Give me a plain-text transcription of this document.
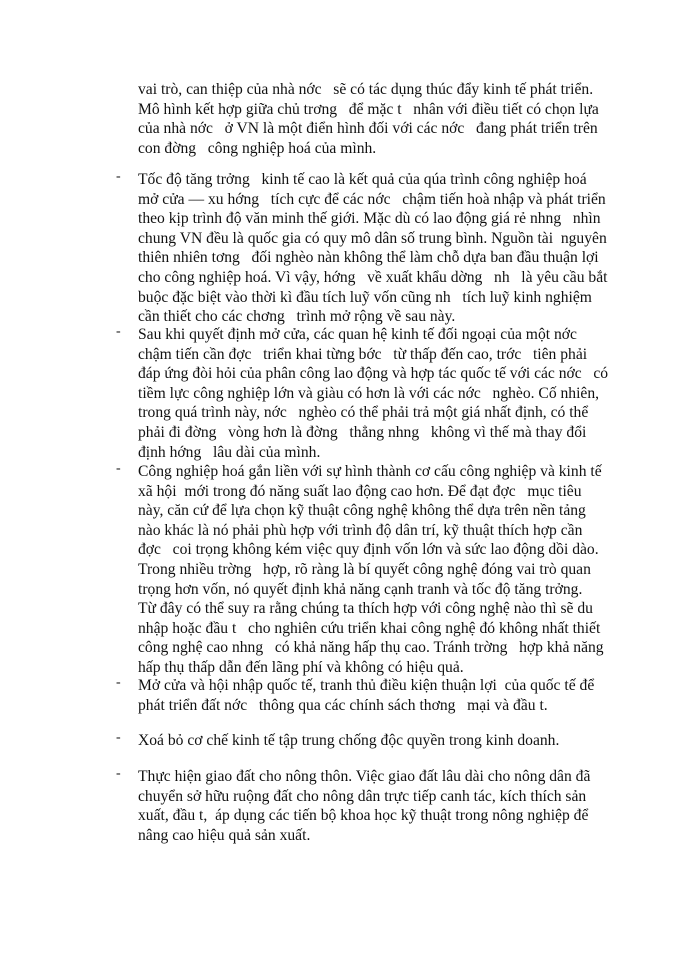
vai trò, can thiệp của nhà nớc   sẽ có tác dụng thúc đẩy kinh tế phát triển.
Mô hình kết hợp giữa chủ trơng   để mặc t   nhân với điều tiết có chọn lựa
của nhà nớc   ở VN là một điển hình đối với các nớc   đang phát triển trên
con đờng   công nghiệp hoá của mình.
- Tốc độ tăng trởng   kinh tế cao là kết quả của qúa trình công nghiệp hoá
mở cửa — xu hớng   tích cực để các nớc   chậm tiến hoà nhập và phát triển
theo kịp trình độ văn minh thế giới. Mặc dù có lao động giá rẻ nhng   nhìn
chung VN đều là quốc gia có quy mô dân số trung bình. Nguồn tài  nguyên
thiên nhiên tơng   đối nghèo nàn không thể làm chỗ dựa ban đầu thuận lợi
cho công nghiệp hoá. Vì vậy, hớng   về xuất khẩu dờng   nh   là yêu cầu bắt
buộc đặc biệt vào thời kì đầu tích luỹ vốn cũng nh   tích luỹ kinh nghiệm
cần thiết cho các chơng   trình mở rộng về sau này.
- Sau khi quyết định mở cửa, các quan hệ kinh tế đối ngoại của một nớc
chậm tiến cần đợc   triển khai từng bớc   từ thấp đến cao, trớc   tiên phải
đáp ứng đòi hỏi của phân công lao động và hợp tác quốc tế với các nớc   có
tiềm lực công nghiệp lớn và giàu có hơn là với các nớc   nghèo. Cố nhiên,
trong quá trình này, nớc   nghèo có thể phải trả một giá nhất định, có thể
phải đi đờng   vòng hơn là đờng   thẳng nhng   không vì thế mà thay đổi
định hớng   lâu dài của mình.
- Công nghiệp hoá gắn liền với sự hình thành cơ cấu công nghiệp và kinh tế
xã hội  mới trong đó năng suất lao động cao hơn. Để đạt đợc   mục tiêu
này, căn cứ để lựa chọn kỹ thuật công nghệ không thể dựa trên nền tảng
nào khác là nó phải phù hợp với trình độ dân trí, kỹ thuật thích hợp cần
đợc   coi trọng không kém việc quy định vốn lớn và sức lao động dồi dào.
Trong nhiều trờng   hợp, rõ ràng là bí quyết công nghệ đóng vai trò quan
trọng hơn vốn, nó quyết định khả năng cạnh tranh và tốc độ tăng trởng.
Từ đây có thể suy ra rằng chúng ta thích hợp với công nghệ nào thì sẽ du
nhập hoặc đầu t   cho nghiên cứu triển khai công nghệ đó không nhất thiết
công nghệ cao nhng   có khả năng hấp thụ cao. Tránh trờng   hợp khả năng
hấp thụ thấp dẫn đến lãng phí và không có hiệu quả.
- Mở cửa và hội nhập quốc tế, tranh thủ điều kiện thuận lợi  của quốc tế để
phát triển đất nớc   thông qua các chính sách thơng   mại và đầu t.
- Xoá bỏ cơ chế kinh tế tập trung chống độc quyền trong kinh doanh.
- Thực hiện giao đất cho nông thôn. Việc giao đất lâu dài cho nông dân đã
chuyển sở hữu ruộng đất cho nông dân trực tiếp canh tác, kích thích sản
xuất, đầu t,  áp dụng các tiến bộ khoa học kỹ thuật trong nông nghiệp để
nâng cao hiệu quả sản xuất.
